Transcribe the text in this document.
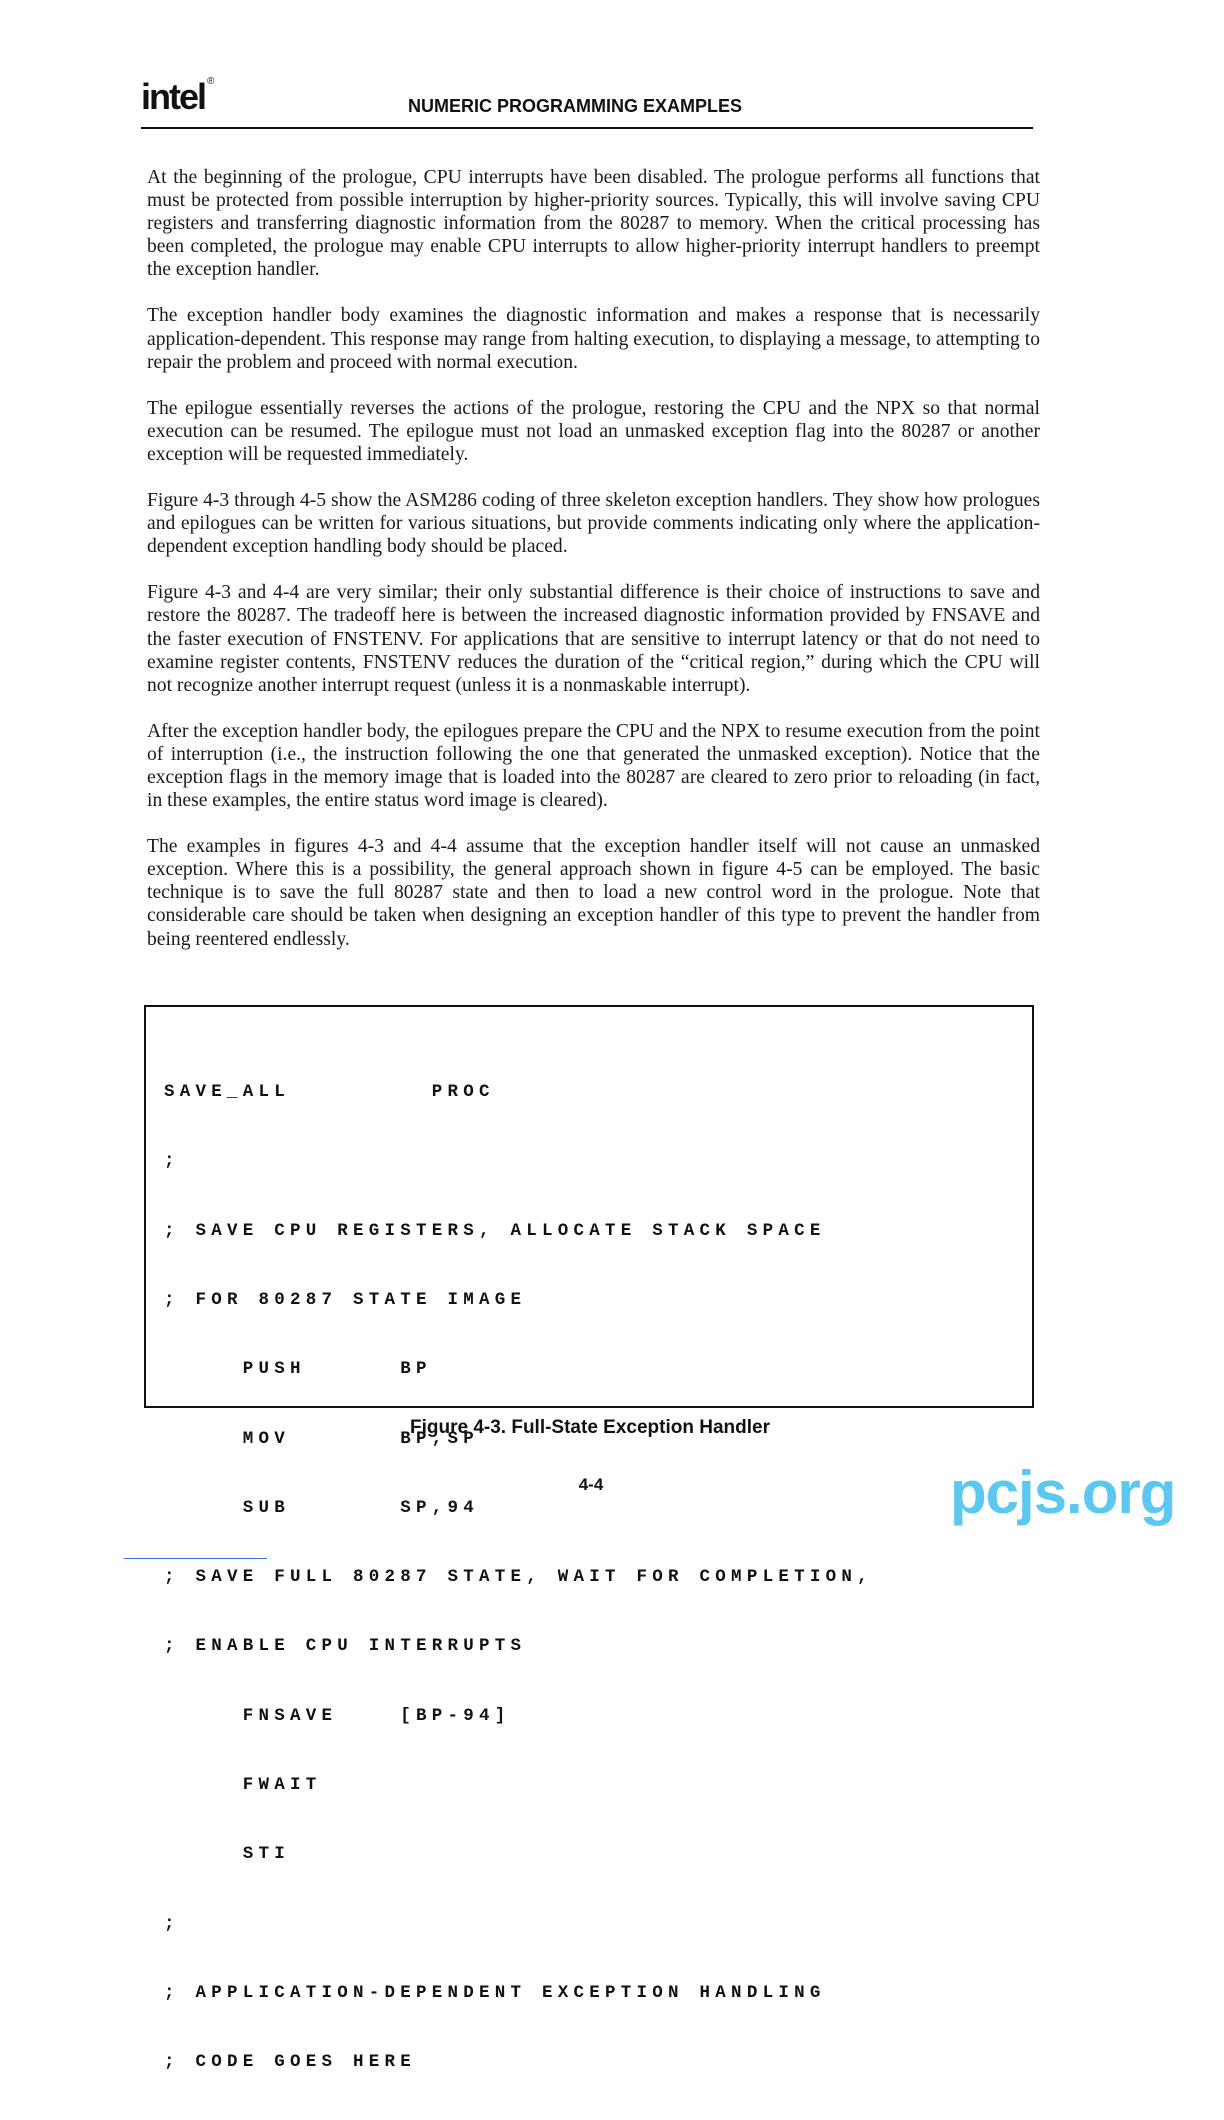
intel ®
NUMERIC PROGRAMMING EXAMPLES

At the beginning of the prologue, CPU interrupts have been disabled. The prologue performs all functions that must be protected from possible interruption by higher-priority sources. Typically, this will involve saving CPU registers and transferring diagnostic information from the 80287 to memory. When the critical processing has been completed, the prologue may enable CPU interrupts to allow higher-priority interrupt handlers to preempt the exception handler.

The exception handler body examines the diagnostic information and makes a response that is necessarily application-dependent. This response may range from halting execution, to displaying a message, to attempting to repair the problem and proceed with normal execution.

The epilogue essentially reverses the actions of the prologue, restoring the CPU and the NPX so that normal execution can be resumed. The epilogue must not load an unmasked exception flag into the 80287 or another exception will be requested immediately.

Figure 4-3 through 4-5 show the ASM286 coding of three skeleton exception handlers. They show how prologues and epilogues can be written for various situations, but provide comments indicating only where the application-dependent exception handling body should be placed.

Figure 4-3 and 4-4 are very similar; their only substantial difference is their choice of instructions to save and restore the 80287. The tradeoff here is between the increased diagnostic information provided by FNSAVE and the faster execution of FNSTENV. For applications that are sensitive to interrupt latency or that do not need to examine register contents, FNSTENV reduces the duration of the “critical region,” during which the CPU will not recognize another interrupt request (unless it is a nonmaskable interrupt).

After the exception handler body, the epilogues prepare the CPU and the NPX to resume execution from the point of interruption (i.e., the instruction following the one that generated the unmasked exception). Notice that the exception flags in the memory image that is loaded into the 80287 are cleared to zero prior to reloading (in fact, in these examples, the entire status word image is cleared).

The examples in figures 4-3 and 4-4 assume that the exception handler itself will not cause an unmasked exception. Where this is a possibility, the general approach shown in figure 4-5 can be employed. The basic technique is to save the full 80287 state and then to load a new control word in the prologue. Note that considerable care should be taken when designing an exception handler of this type to prevent the handler from being reentered endlessly.

SAVE_ALL         PROC

;

; SAVE CPU REGISTERS, ALLOCATE STACK SPACE

; FOR 80287 STATE IMAGE

PUSH      BP

MOV       BP,SP

SUB       SP,94

; SAVE FULL 80287 STATE, WAIT FOR COMPLETION,

; ENABLE CPU INTERRUPTS

FNSAVE    [BP-94]

FWAIT

STI

;

; APPLICATION-DEPENDENT EXCEPTION HANDLING

; CODE GOES HERE

Figure 4-3. Full-State Exception Handler
4-4	pcjs.org
